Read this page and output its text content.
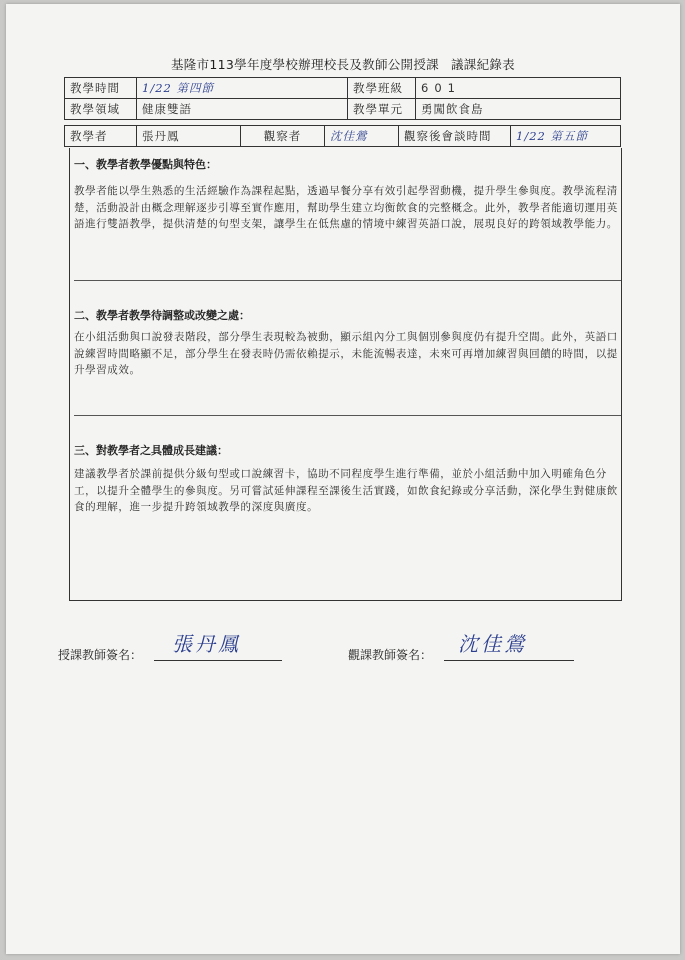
基隆市113學年度學校辦理校長及教師公開授課 議課紀錄表
教學時間	1/22 第四節	教學班級	601
教學領域	健康雙語	教學單元	勇闖飲食島
教學者	張丹鳳	觀察者	沈佳鶯	觀察後會談時間	1/22 第五節
一、教學者教學優點與特色：
教學者能以學生熟悉的生活經驗作為課程起點，透過早餐分享有效引起學習動機，提升學生參與度。教學流程清楚，活動設計由概念理解逐步引導至實作應用，幫助學生建立均衡飲食的完整概念。此外，教學者能適切運用英語進行雙語教學，提供清楚的句型支架，讓學生在低焦慮的情境中練習英語口說，展現良好的跨領域教學能力。
二、教學者教學待調整或改變之處：
在小組活動與口說發表階段，部分學生表現較為被動，顯示組內分工與個別參與度仍有提升空間。此外，英語口說練習時間略顯不足，部分學生在發表時仍需依賴提示，未能流暢表達，未來可再增加練習與回饋的時間，以提升學習成效。
三、對教學者之具體成長建議：
建議教學者於課前提供分級句型或口說練習卡，協助不同程度學生進行準備，並於小組活動中加入明確角色分工，以提升全體學生的參與度。另可嘗試延伸課程至課後生活實踐，如飲食紀錄或分享活動，深化學生對健康飲食的理解，進一步提升跨領域教學的深度與廣度。
授課教師簽名： 張丹鳳	觀課教師簽名： 沈佳鶯
